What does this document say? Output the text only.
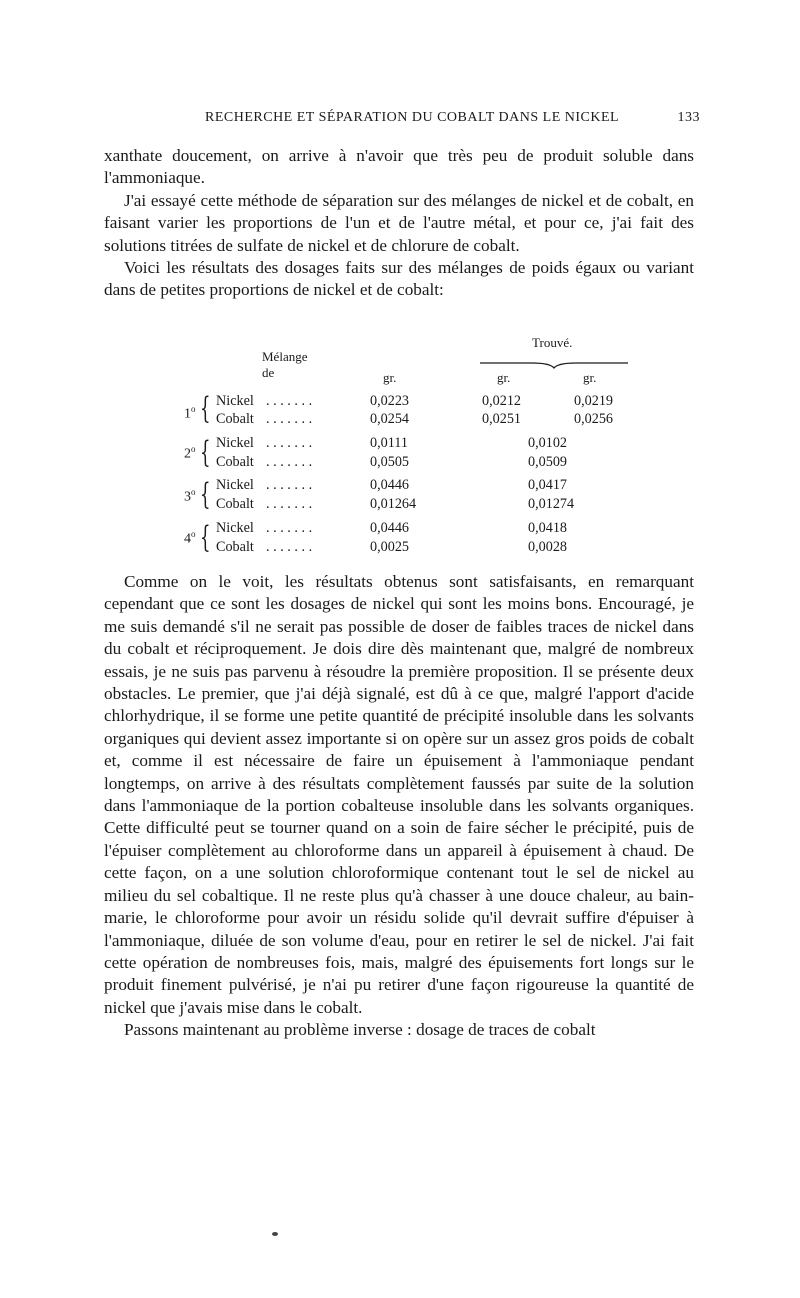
RECHERCHE ET SÉPARATION DU COBALT DANS LE NICKEL	133

xanthate doucement, on arrive à n'avoir que très peu de produit soluble dans l'ammoniaque.

J'ai essayé cette méthode de séparation sur des mélanges de nickel et de cobalt, en faisant varier les proportions de l'un et de l'autre métal, et pour ce, j'ai fait des solutions titrées de sulfate de nickel et de chlorure de cobalt.

Voici les résultats des dosages faits sur des mélanges de poids égaux ou variant dans de petites proportions de nickel et de cobalt:

Mélange de
Trouvé.
gr.	gr.	gr.
1$^o$ { Nickel . . . . . . .	0,0223	0,0212	0,0219
Cobalt . . . . . . .	0,0254	0,0251	0,0256
2$^o$ { Nickel . . . . . . .	0,0111	0,0102
Cobalt . . . . . . .	0,0505	0,0509
3$^o$ { Nickel . . . . . . .	0,0446	0,0417
Cobalt . . . . . . .	0,01264	0,01274
4$^o$ { Nickel . . . . . . .	0,0446	0,0418
Cobalt . . . . . . .	0,0025	0,0028

Comme on le voit, les résultats obtenus sont satisfaisants, en remarquant cependant que ce sont les dosages de nickel qui sont les moins bons. Encouragé, je me suis demandé s'il ne serait pas possible de doser de faibles traces de nickel dans du cobalt et réciproquement. Je dois dire dès maintenant que, malgré de nombreux essais, je ne suis pas parvenu à résoudre la première proposition. Il se présente deux obstacles. Le premier, que j'ai déjà signalé, est dû à ce que, malgré l'apport d'acide chlorhydrique, il se forme une petite quantité de précipité insoluble dans les solvants organiques qui devient assez importante si on opère sur un assez gros poids de cobalt et, comme il est nécessaire de faire un épuisement à l'ammoniaque pendant longtemps, on arrive à des résultats complètement faussés par suite de la solution dans l'ammoniaque de la portion cobalteuse insoluble dans les solvants organiques. Cette difficulté peut se tourner quand on a soin de faire sécher le précipité, puis de l'épuiser complètement au chloroforme dans un appareil à épuisement à chaud. De cette façon, on a une solution chloroformique contenant tout le sel de nickel au milieu du sel cobaltique. Il ne reste plus qu'à chasser à une douce chaleur, au bain-marie, le chloroforme pour avoir un résidu solide qu'il devrait suffire d'épuiser à l'ammoniaque, diluée de son volume d'eau, pour en retirer le sel de nickel. J'ai fait cette opération de nombreuses fois, mais, malgré des épuisements fort longs sur le produit finement pulvérisé, je n'ai pu retirer d'une façon rigoureuse la quantité de nickel que j'avais mise dans le cobalt.

Passons maintenant au problème inverse : dosage de traces de cobalt
